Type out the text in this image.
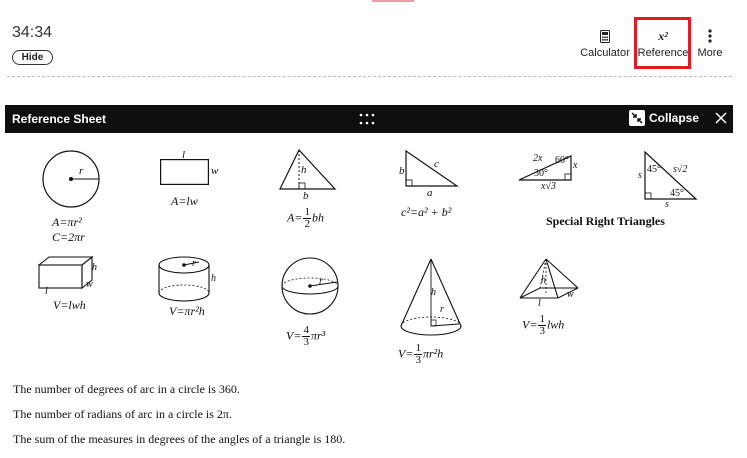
34:34
Hide	Calculator
x²
Reference More
Reference Sheet	Collapse
r
A=πr²
C=2πr
l
w
A=lw
h
b
$A= \frac{1}{2}$ bh
b
c
a
c²=a² + b²
2x 60°
30°
x
x√3
s
45° s√2
45°
s
Special Right Triangles
h
w
l
V=lwh
r
h
V=πr²h
r
$V= \frac{4}{3} \pi r^3$
h
r
$V= \frac{1}{3} \pi r^2h$
h
l
w
$V= \frac{1}{3}$ lwh
The number of degrees of arc in a circle is 360.
The number of radians of arc in a circle is 2π.
The sum of the measures in degrees of the angles of a triangle is 180.
